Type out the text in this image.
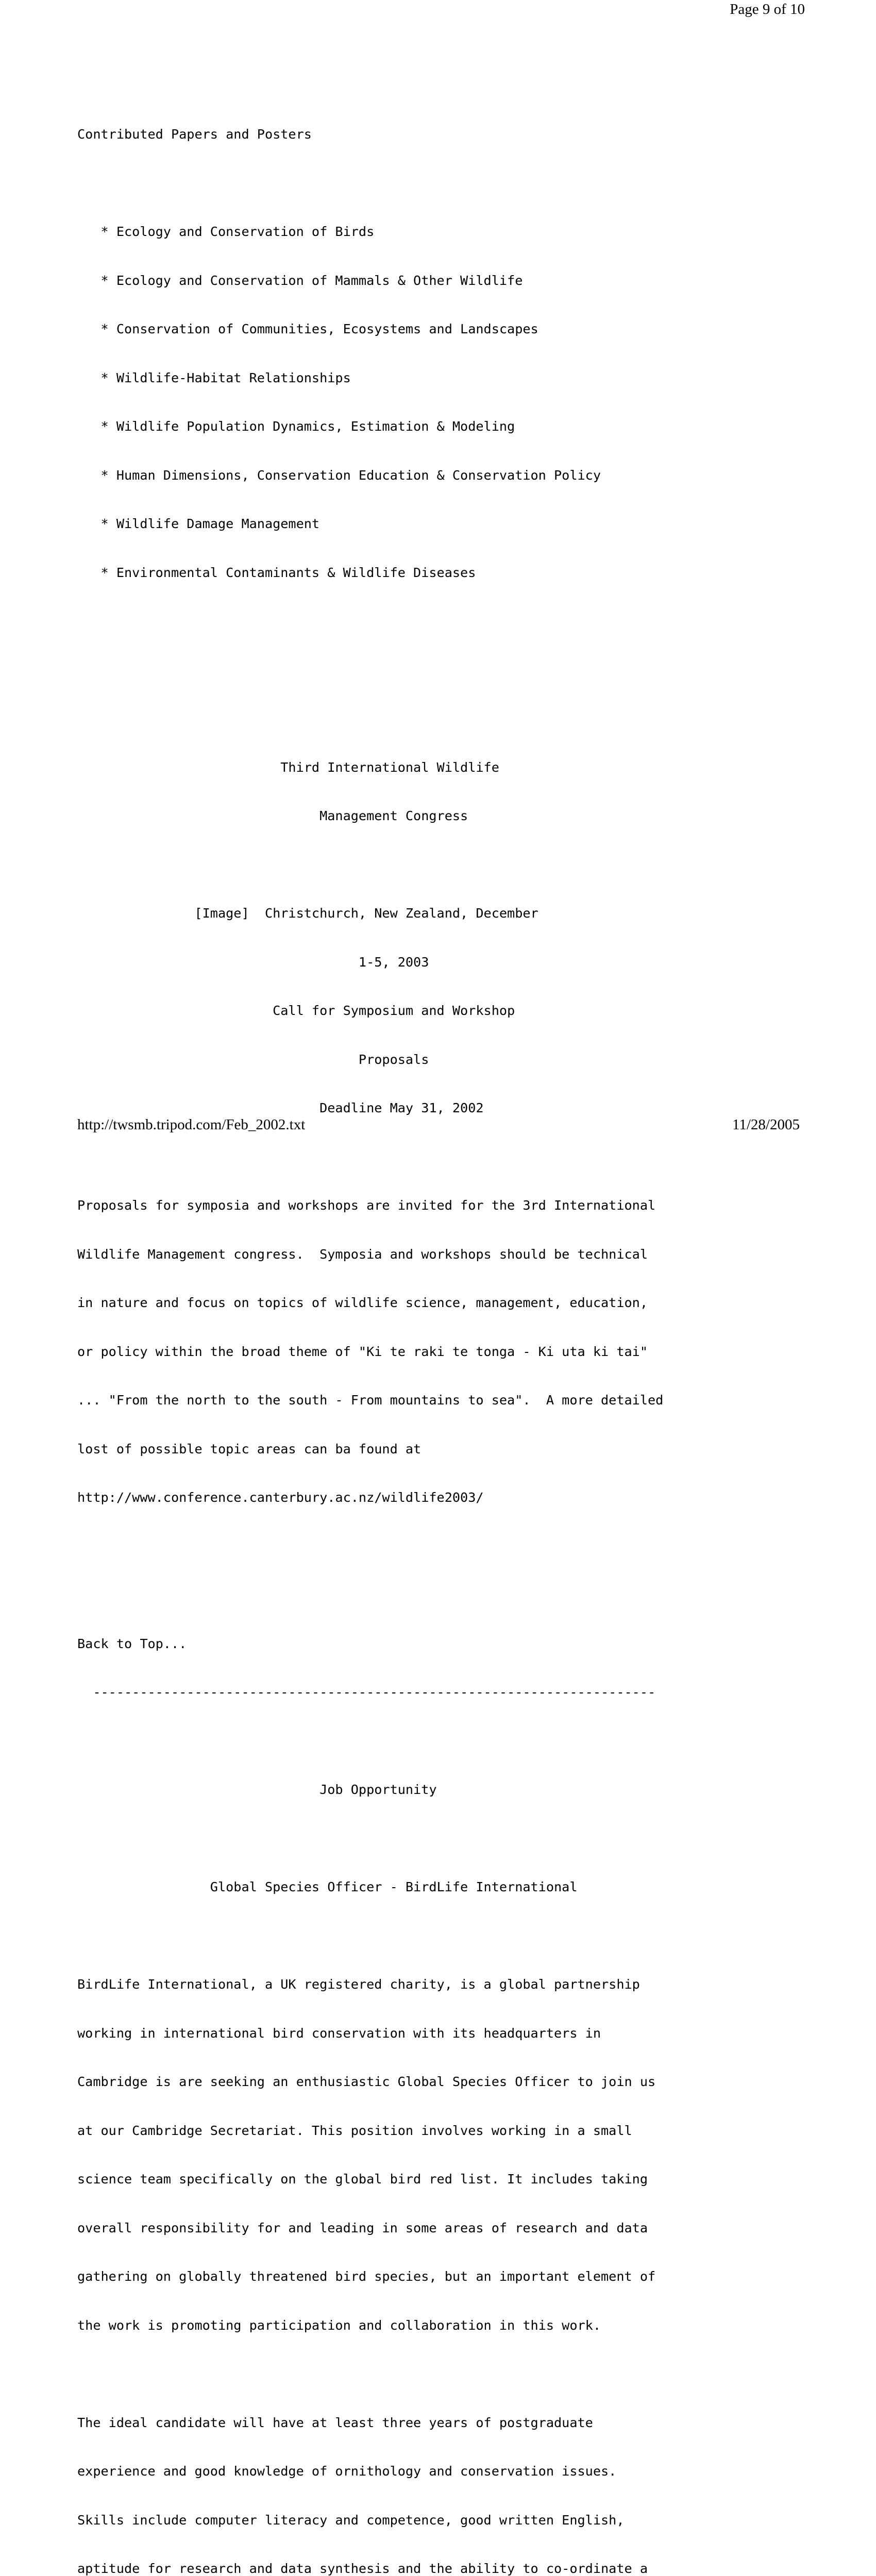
Page 9 of 10

Contributed Papers and Posters

* Ecology and Conservation of Birds

* Ecology and Conservation of Mammals & Other Wildlife

* Conservation of Communities, Ecosystems and Landscapes

* Wildlife-Habitat Relationships

* Wildlife Population Dynamics, Estimation & Modeling

* Human Dimensions, Conservation Education & Conservation Policy

* Wildlife Damage Management

* Environmental Contaminants & Wildlife Diseases

Third International Wildlife

Management Congress

[Image]  Christchurch, New Zealand, December

1-5, 2003

Call for Symposium and Workshop

Proposals

Deadline May 31, 2002

Proposals for symposia and workshops are invited for the 3rd International

Wildlife Management congress.  Symposia and workshops should be technical

in nature and focus on topics of wildlife science, management, education,

or policy within the broad theme of "Ki te raki te tonga - Ki uta ki tai"

... "From the north to the south - From mountains to sea".  A more detailed

lost of possible topic areas can ba found at

http://www.conference.canterbury.ac.nz/wildlife2003/

Back to Top...

------------------------------------------------------------------------

Job Opportunity

Global Species Officer - BirdLife International

BirdLife International, a UK registered charity, is a global partnership

working in international bird conservation with its headquarters in

Cambridge is are seeking an enthusiastic Global Species Officer to join us

at our Cambridge Secretariat. This position involves working in a small

science team specifically on the global bird red list. It includes taking

overall responsibility for and leading in some areas of research and data

gathering on globally threatened bird species, but an important element of

the work is promoting participation and collaboration in this work.

The ideal candidate will have at least three years of postgraduate

experience and good knowledge of ornithology and conservation issues.

Skills include computer literacy and competence, good written English,

aptitude for research and data synthesis and the ability to co-ordinate a

http://twsmb.tripod.com/Feb_2002.txt	11/28/2005
